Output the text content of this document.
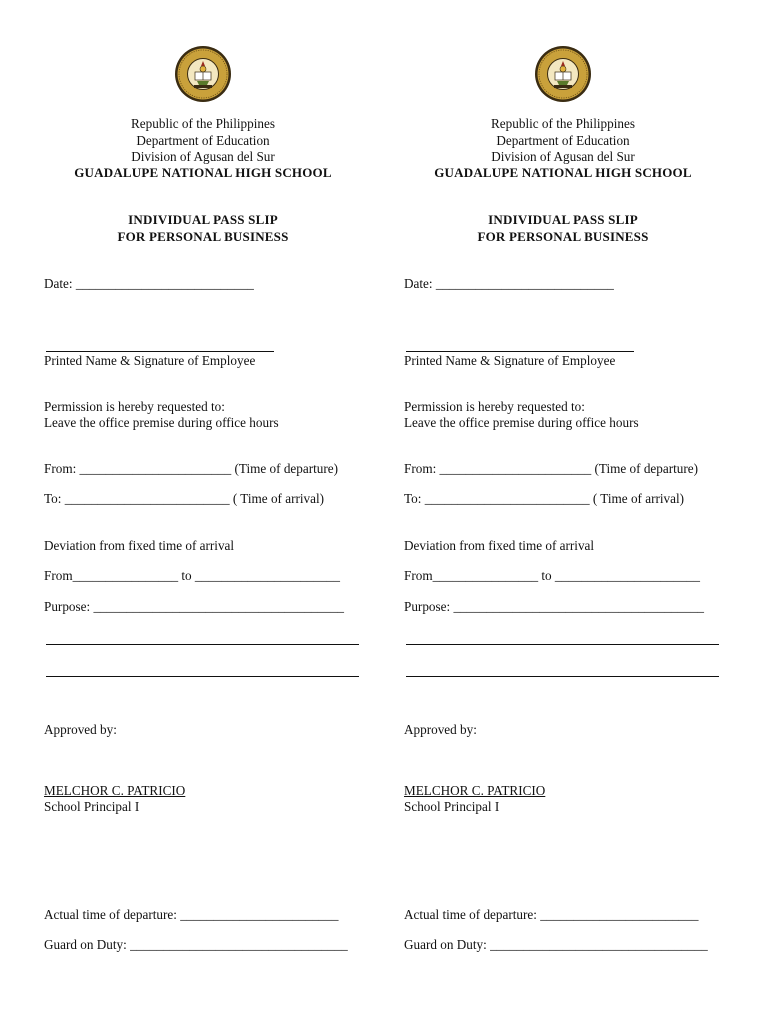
Republic of the Philippines
Department of Education
Division of Agusan del Sur
GUADALUPE NATIONAL HIGH SCHOOL
INDIVIDUAL PASS SLIP
FOR PERSONAL BUSINESS
Date: ___________________________
Printed Name & Signature of Employee
Permission is hereby requested to:
Leave the office premise during office hours
From: _______________________ (Time of departure)
To: _________________________ ( Time of arrival)
Deviation from fixed time of arrival
From________________ to ______________________
Purpose: ______________________________________
Approved by:
MELCHOR C. PATRICIO
School Principal I
Actual time of departure: ________________________
Guard on Duty: _________________________________
Republic of the Philippines
Department of Education
Division of Agusan del Sur
GUADALUPE NATIONAL HIGH SCHOOL
INDIVIDUAL PASS SLIP
FOR PERSONAL BUSINESS
Date: ___________________________
Printed Name & Signature of Employee
Permission is hereby requested to:
Leave the office premise during office hours
From: _______________________ (Time of departure)
To: _________________________ ( Time of arrival)
Deviation from fixed time of arrival
From________________ to ______________________
Purpose: ______________________________________
Approved by:
MELCHOR C. PATRICIO
School Principal I
Actual time of departure: ________________________
Guard on Duty: _________________________________
